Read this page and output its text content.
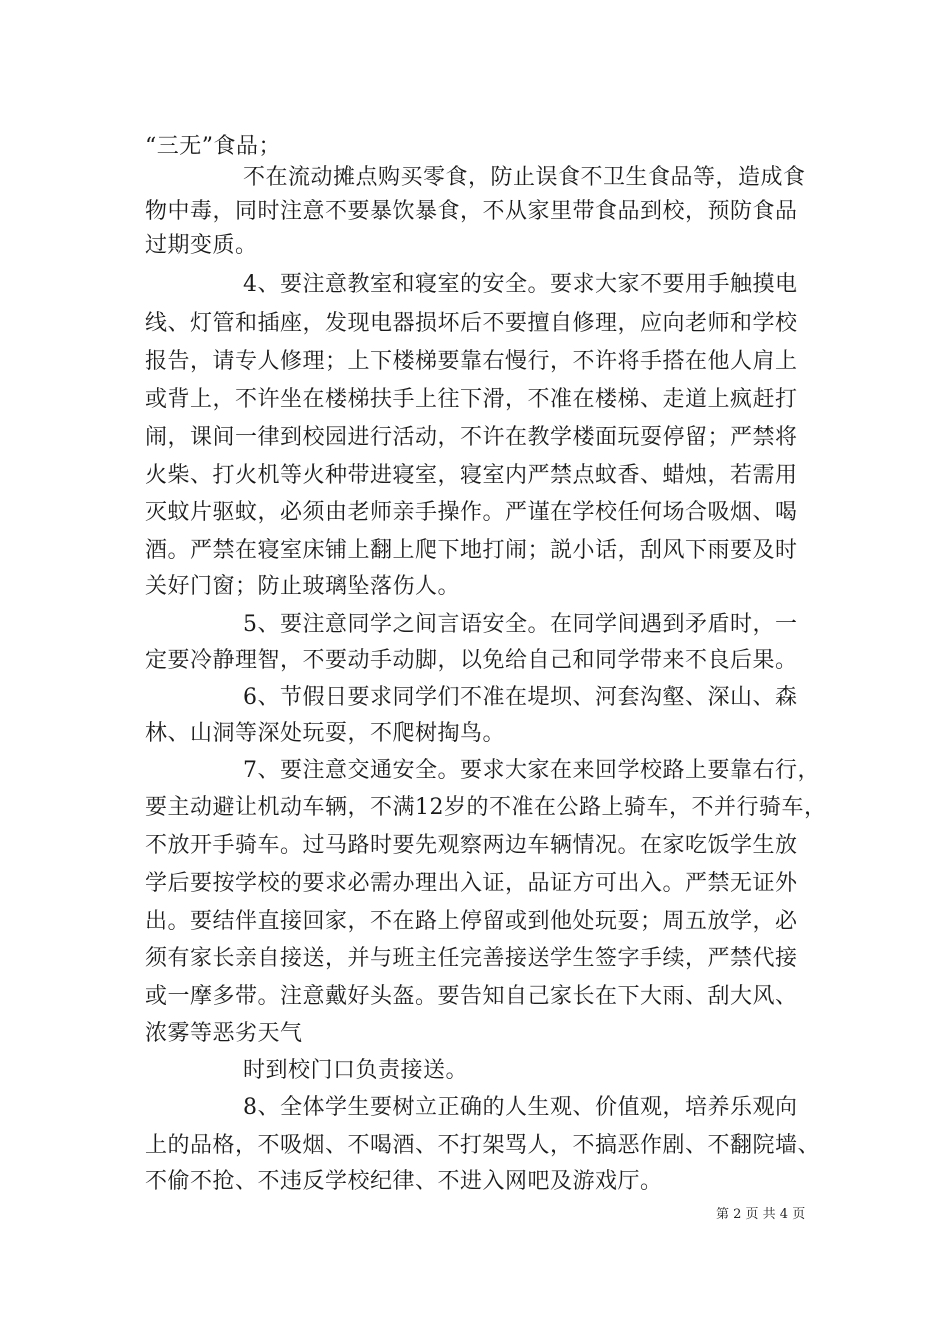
“三无”食品；
不在流动摊点购买零食，防止误食不卫生食品等，造成食
物中毒，同时注意不要暴饮暴食，不从家里带食品到校，预防食品
过期变质。
4、要注意教室和寝室的安全。要求大家不要用手触摸电
线、灯管和插座，发现电器损坏后不要擅自修理，应向老师和学校
报告，请专人修理；上下楼梯要靠右慢行，不许将手搭在他人肩上
或背上，不许坐在楼梯扶手上往下滑，不准在楼梯、走道上疯赶打
闹，课间一律到校园进行活动，不许在教学楼面玩耍停留；严禁将
火柴、打火机等火种带进寝室，寝室内严禁点蚊香、蜡烛，若需用
灭蚊片驱蚊，必须由老师亲手操作。严谨在学校任何场合吸烟、喝
酒。严禁在寝室床铺上翻上爬下地打闹；説小话，刮风下雨要及时
关好门窗；防止玻璃坠落伤人。
5、要注意同学之间言语安全。在同学间遇到矛盾时，一
定要冷静理智，不要动手动脚，以免给自己和同学带来不良后果。
6、节假日要求同学们不准在堤坝、河套沟壑、深山、森
林、山洞等深处玩耍，不爬树掏鸟。
7、要注意交通安全。要求大家在来回学校路上要靠右行，
要主动避让机动车辆，不满12岁的不准在公路上骑车，不并行骑车，
不放开手骑车。过马路时要先观察两边车辆情况。在家吃饭学生放
学后要按学校的要求必需办理出入证，品证方可出入。严禁无证外
出。要结伴直接回家，不在路上停留或到他处玩耍；周五放学，必
须有家长亲自接送，并与班主任完善接送学生签字手续，严禁代接
或一摩多带。注意戴好头盔。要告知自己家长在下大雨、刮大风、
浓雾等恶劣天气
时到校门口负责接送。
8、全体学生要树立正确的人生观、价值观，培养乐观向
上的品格，不吸烟、不喝酒、不打架骂人，不搞恶作剧、不翻院墙、
不偷不抢、不违反学校纪律、不进入网吧及游戏厅。
第 2 页 共 4 页
